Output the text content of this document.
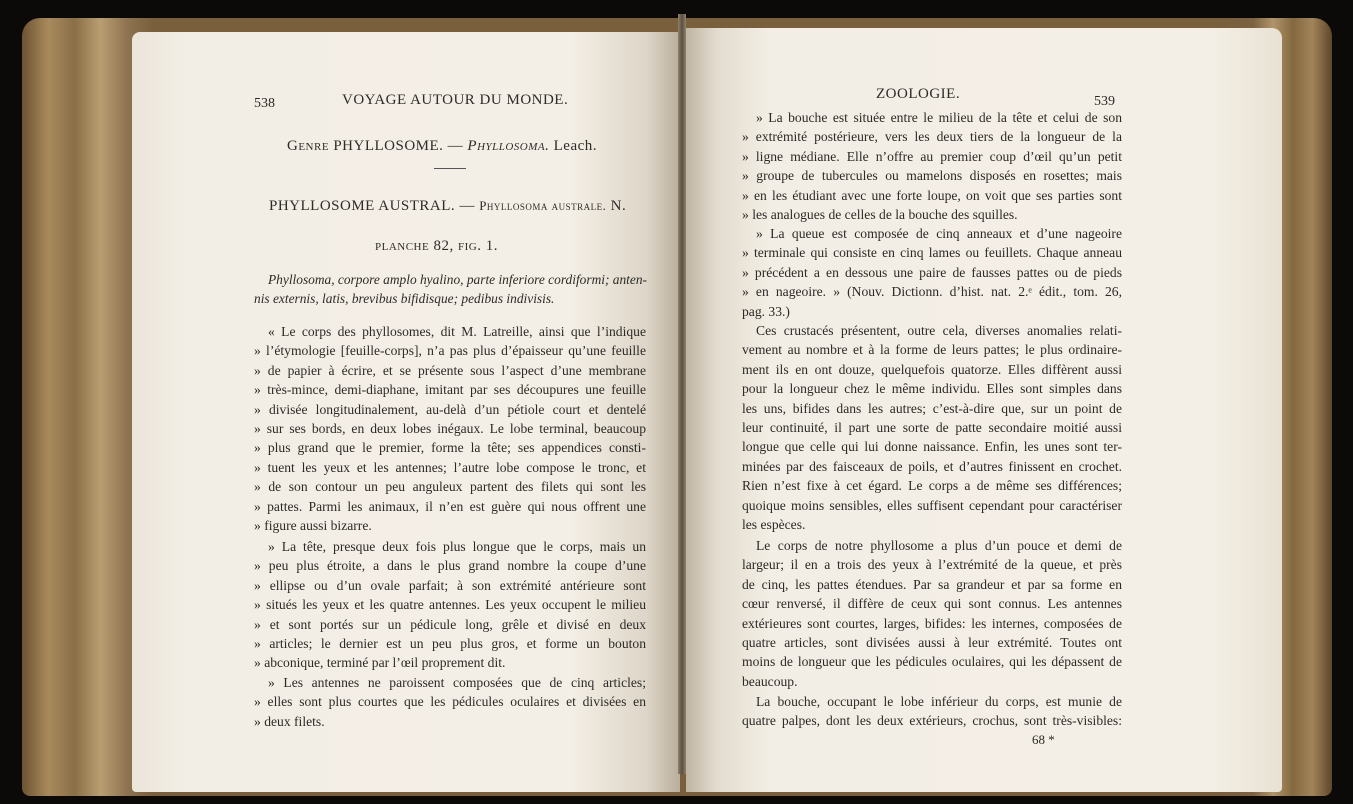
538	VOYAGE AUTOUR DU MONDE.
Genre PHYLLOSOME. — Phyllosoma. Leach.
PHYLLOSOME AUSTRAL. — Phyllosoma australe. N.
planche 82, fig. 1.
Phyllosoma, corpore amplo hyalino, parte inferiore cordiformi; anten-
nis externis, latis, brevibus bifidisque; pedibus indivisis.
« Le corps des phyllosomes, dit M. Latreille, ainsi que l’indique
» l’étymologie [feuille-corps], n’a pas plus d’épaisseur qu’une feuille
» de papier à écrire, et se présente sous l’aspect d’une membrane
» très-mince, demi-diaphane, imitant par ses découpures une feuille
» divisée longitudinalement, au-delà d’un pétiole court et dentelé
» sur ses bords, en deux lobes inégaux. Le lobe terminal, beaucoup
» plus grand que le premier, forme la tête; ses appendices consti-
» tuent les yeux et les antennes; l’autre lobe compose le tronc, et
» de son contour un peu anguleux partent des filets qui sont les
» pattes. Parmi les animaux, il n’en est guère qui nous offrent une
» figure aussi bizarre.
» La tête, presque deux fois plus longue que le corps, mais un
» peu plus étroite, a dans le plus grand nombre la coupe d’une
» ellipse ou d’un ovale parfait; à son extrémité antérieure sont
» situés les yeux et les quatre antennes. Les yeux occupent le milieu
» et sont portés sur un pédicule long, grêle et divisé en deux
» articles; le dernier est un peu plus gros, et forme un bouton
» abconique, terminé par l’œil proprement dit.
» Les antennes ne paroissent composées que de cinq articles;
» elles sont plus courtes que les pédicules oculaires et divisées en
» deux filets.
ZOOLOGIE.	539
» La bouche est située entre le milieu de la tête et celui de son
» extrémité postérieure, vers les deux tiers de la longueur de la
» ligne médiane. Elle n’offre au premier coup d’œil qu’un petit
» groupe de tubercules ou mamelons disposés en rosettes; mais
» en les étudiant avec une forte loupe, on voit que ses parties sont
» les analogues de celles de la bouche des squilles.
» La queue est composée de cinq anneaux et d’une nageoire
» terminale qui consiste en cinq lames ou feuillets. Chaque anneau
» précédent a en dessous une paire de fausses pattes ou de pieds
» en nageoire. » (Nouv. Dictionn. d’hist. nat. 2.ᵉ édit., tom. 26,
pag. 33.)
Ces crustacés présentent, outre cela, diverses anomalies relati-
vement au nombre et à la forme de leurs pattes; le plus ordinaire-
ment ils en ont douze, quelquefois quatorze. Elles diffèrent aussi
pour la longueur chez le même individu. Elles sont simples dans
les uns, bifides dans les autres; c’est-à-dire que, sur un point de
leur continuité, il part une sorte de patte secondaire moitié aussi
longue que celle qui lui donne naissance. Enfin, les unes sont ter-
minées par des faisceaux de poils, et d’autres finissent en crochet.
Rien n’est fixe à cet égard. Le corps a de même ses différences;
quoique moins sensibles, elles suffisent cependant pour caractériser
les espèces.
Le corps de notre phyllosome a plus d’un pouce et demi de
largeur; il en a trois des yeux à l’extrémité de la queue, et près
de cinq, les pattes étendues. Par sa grandeur et par sa forme en
cœur renversé, il diffère de ceux qui sont connus. Les antennes
extérieures sont courtes, larges, bifides: les internes, composées de
quatre articles, sont divisées aussi à leur extrémité. Toutes ont
moins de longueur que les pédicules oculaires, qui les dépassent de
beaucoup.
La bouche, occupant le lobe inférieur du corps, est munie de
quatre palpes, dont les deux extérieurs, crochus, sont très-visibles:
68 *
